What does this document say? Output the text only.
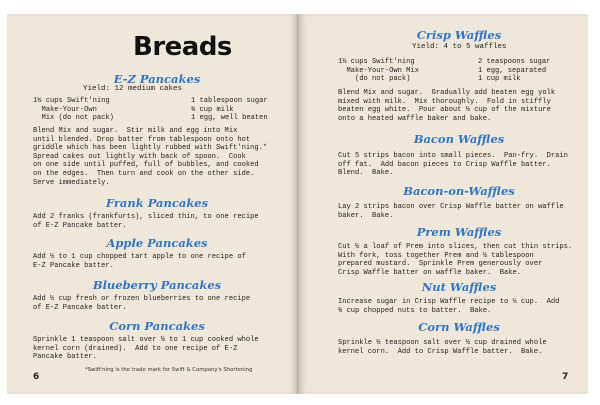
Breads
E-Z Pancakes
Yield: 12 medium cakes
1½ cups Swift'ning
Make-Your-Own
Mix (do not pack)
1 tablespoon sugar
¾ cup milk
1 egg, well beaten
Blend Mix and sugar.  Stir milk and egg into Mix
until blended. Drop batter from tablespoon onto hot
griddle which has been lightly rubbed with Swift'ning.*
Spread cakes out lightly with back of spoon.  Cook
on one side until puffed, full of bubbles, and cooked
on the edges.  Then turn and cook on the other side.
Serve immediately.
Frank Pancakes
Add 2 franks (frankfurts), sliced thin, to one recipe
of E-Z Pancake batter.
Apple Pancakes
Add ½ to 1 cup chopped tart apple to one recipe of
E-Z Pancake batter.
Blueberry Pancakes
Add ½ cup fresh or frozen blueberries to one recipe
of E-Z Pancake batter.
Corn Pancakes
Sprinkle 1 teaspoon salt over ½ to 1 cup cooked whole
kernel corn (drained).  Add to one recipe of E-Z
Pancake batter.
*Swift'ning is the trade mark for Swift & Company's Shortening
6
Crisp Waffles
Yield: 4 to 5 waffles
1½ cups Swift'ning
Make-Your-Own Mix
(do not pack)
2 teaspoons sugar
1 egg, separated
1 cup milk
Blend Mix and sugar.  Gradually add beaten egg yolk
mixed with milk.  Mix thoroughly.  Fold in stiffly
beaten egg white.  Pour about ½ cup of the mixture
onto a heated waffle baker and bake.
Bacon Waffles
Cut 5 strips bacon into small pieces.  Pan-fry.  Drain
off fat.  Add bacon pieces to Crisp Waffle batter.
Blend.  Bake.
Bacon-on-Waffles
Lay 2 strips bacon over Crisp Waffle batter on waffle
baker.  Bake.
Prem Waffles
Cut ½ a loaf of Prem into slices, then cut thin strips.
With fork, toss together Prem and ½ tablespoon
prepared mustard.  Sprinkle Prem generously over
Crisp Waffle batter on waffle baker.  Bake.
Nut Waffles
Increase sugar in Crisp Waffle recipe to ¼ cup.  Add
¾ cup chopped nuts to batter.  Bake.
Corn Waffles
Sprinkle ½ teaspoon salt over ½ cup drained whole
kernel corn.  Add to Crisp Waffle batter.  Bake.
7
